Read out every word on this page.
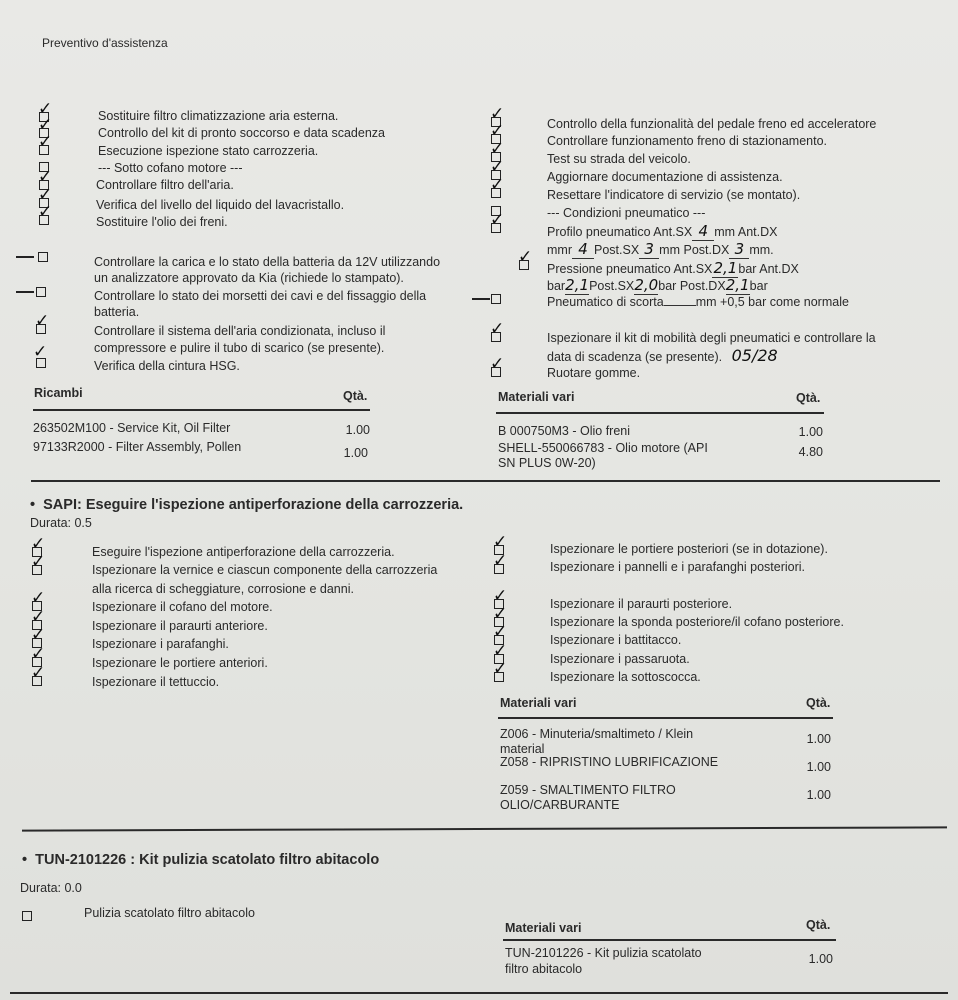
Preventivo d'assistenza
✓	Sostituire filtro climatizzazione aria esterna.
✓	Controllo del kit di pronto soccorso e data scadenza
✓	Esecuzione ispezione stato carrozzeria.
--- Sotto cofano motore ---
✓	Controllare filtro dell'aria.
✓	Verifica del livello del liquido del lavacristallo.
✓	Sostituire l'olio dei freni.
Controllare la carica e lo stato della batteria da 12V utilizzando
un analizzatore approvato da Kia (richiede lo stampato).
Controllare lo stato dei morsetti dei cavi e del fissaggio della
batteria.
✓	Controllare il sistema dell'aria condizionata, incluso il
compressore e pulire il tubo di scarico (se presente).
✓
Verifica della cintura HSG.
✓	Controllo della funzionalità del pedale freno ed acceleratore
✓	Controllare funzionamento freno di stazionamento.
✓	Test su strada del veicolo.
✓	Aggiornare documentazione di assistenza.
✓	Resettare l'indicatore di servizio (se montato).
--- Condizioni pneumatico ---
✓
Profilo pneumatico Ant.SX 4 mm Ant.DX
mmr 4 Post.SX 3 mm Post.DX 3 mm.
✓
Pressione pneumatico Ant.SX2,1bar Ant.DX
bar2,1Post.SX2,0bar Post.DX2,1bar
Pneumatico di scorta	mm +0,5 bar come normale
✓	Ispezionare il kit di mobilità degli pneumatici e controllare la
data di scadenza (se presente). 05/28
✓	Ruotare gomme.
Ricambi	Qtà.
263502M100 - Service Kit, Oil Filter	1.00
97133R2000 - Filter Assembly, Pollen	1.00
Materiali vari	Qtà.
B 000750M3 - Olio freni	1.00
SHELL-550066783 - Olio motore (API
SN PLUS 0W-20)
4.80
•  SAPI: Eseguire l'ispezione antiperforazione della carrozzeria.
Durata: 0.5
✓	Eseguire l'ispezione antiperforazione della carrozzeria.
✓	Ispezionare la vernice e ciascun componente della carrozzeria
alla ricerca di scheggiature, corrosione e danni.
✓	Ispezionare il cofano del motore.
✓	Ispezionare il paraurti anteriore.
✓	Ispezionare i parafanghi.
✓	Ispezionare le portiere anteriori.
✓	Ispezionare il tettuccio.
✓	Ispezionare le portiere posteriori (se in dotazione).
✓	Ispezionare i pannelli e i parafanghi posteriori.
✓	Ispezionare il paraurti posteriore.
✓	Ispezionare la sponda posteriore/il cofano posteriore.
✓	Ispezionare i battitacco.
✓	Ispezionare i passaruota.
✓	Ispezionare la sottoscocca.
Materiali vari	Qtà.
Z006 - Minuteria/smaltimeto / Klein
material
1.00
Z058 - RIPRISTINO LUBRIFICAZIONE	1.00
Z059 - SMALTIMENTO FILTRO
OLIO/CARBURANTE
1.00
•  TUN-2101226 : Kit pulizia scatolato filtro abitacolo
Durata: 0.0
Pulizia scatolato filtro abitacolo
Materiali vari	Qtà.
TUN-2101226 - Kit pulizia scatolato
filtro abitacolo
1.00
